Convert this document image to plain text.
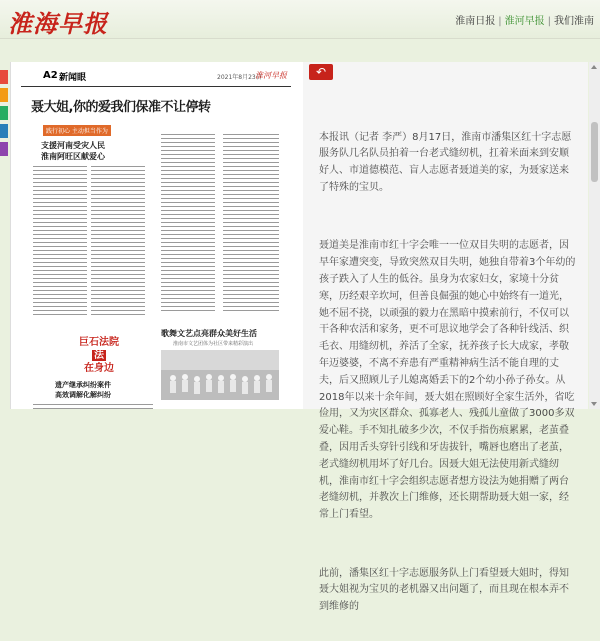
淮海早报	淮南日报 | 淮河早报 | 我们淮南
A2 新闻眼	2021年8月23日
淮河早报
聂大姐,你的爱我们保准不让停转
践行初心 主动担当作为
支援河南受灾人民
淮南阿旺区献爱心
巨石法院
法
在身边
遗产继承纠纷案件
高效调解化解纠纷
歌舞文艺点亮群众美好生活
淮南市文艺团体为社区带来精彩演出
↶

本报讯（记者 李严）8月17日，淮南市潘集区红十字志愿服务队几名队员拍着一台老式缝纫机，扛着米面来到安顺好人、市道德模范、盲人志愿者聂道美的家，为聂家送来了特殊的宝贝。

聂道美是淮南市红十字会唯一一位双目失明的志愿者，因早年家遭突变，导致突然双目失明，她独自带着3个年幼的孩子跌入了人生的低谷。虽身为农家妇女，家境十分贫寒，历经艰辛坎坷，但善良倔强的她心中始终有一道光，她不屈不挠，以顽强的毅力在黑暗中摸索前行，不仅可以干各种农活和家务，更不可思议地学会了各种针线活、织毛衣、用缝纫机，养活了全家，抚养孩子长大成家，孝敬年迈婆婆，不离不弃患有严重精神病生活不能自理的丈夫，后又照顾儿子儿媳离婚丢下的2个幼小孙子孙女。从2018年以来十余年间，聂大姐在照顾好全家生活外，省吃俭用，又为灾区群众、孤寡老人、残孤儿童做了3000多双爱心鞋。手不知扎破多少次，不仅手指伤痕累累，老茧叠叠，因用舌头穿针引线和牙齿拔针，嘴唇也磨出了老茧，老式缝纫机用坏了好几台。因聂大姐无法使用新式缝纫机，淮南市红十字会组织志愿者想方设法为她捐赠了两台老缝纫机，并教次上门维修，还长期帮助聂大姐一家，经常上门看望。

此前，潘集区红十字志愿服务队上门看望聂大姐时，得知聂大姐视为宝贝的老机器又出问题了，而且现在根本弄不到维修的
